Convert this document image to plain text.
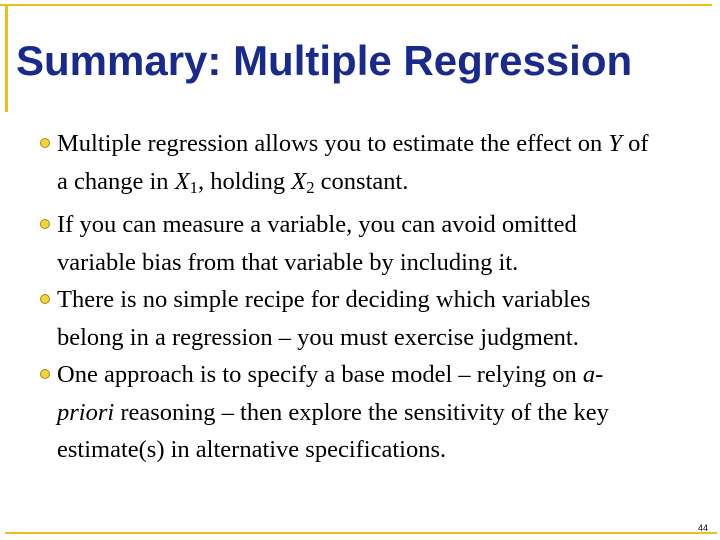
Summary: Multiple Regression
Multiple regression allows you to estimate the effect on Y of a change in $X_1$, holding $X_2$ constant.
If you can measure a variable, you can avoid omitted variable bias from that variable by including it.
There is no simple recipe for deciding which variables belong in a regression – you must exercise judgment.
One approach is to specify a base model – relying on a-priori reasoning – then explore the sensitivity of the key estimate(s) in alternative specifications.
44
